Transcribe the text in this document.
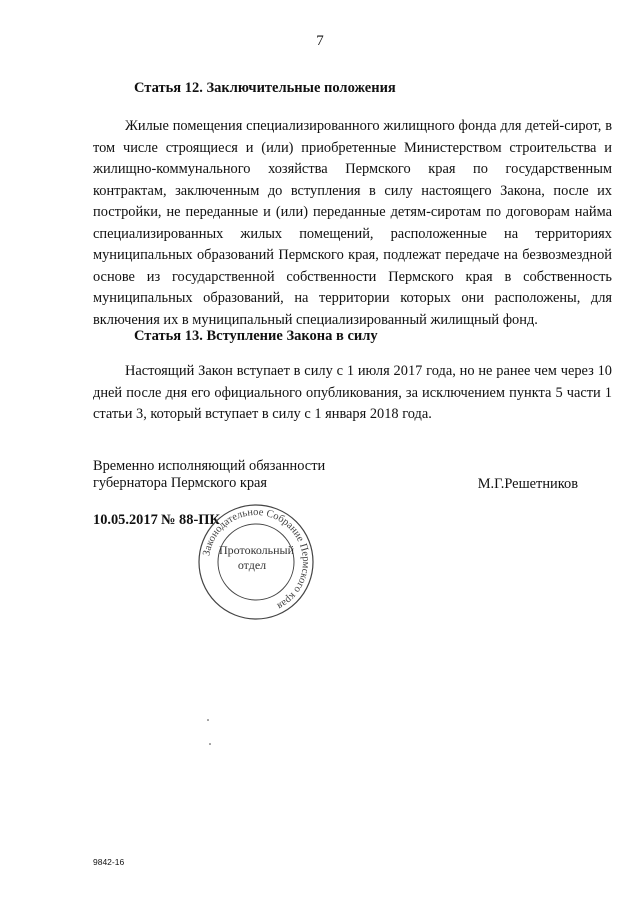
7
Статья 12. Заключительные положения
Жилые помещения специализированного жилищного фонда для детей-сирот, в том числе строящиеся и (или) приобретенные Министерством строительства и жилищно-коммунального хозяйства Пермского края по государственным контрактам, заключенным до вступления в силу настоящего Закона, после их постройки, не переданные и (или) переданные детям-сиротам по договорам найма специализированных жилых помещений, расположенные на территориях муниципальных образований Пермского края, подлежат передаче на безвозмездной основе из государственной собственности Пермского края в собственность муниципальных образований, на территории которых они расположены, для включения их в муниципальный специализированный жилищный фонд.
Статья 13. Вступление Закона в силу
Настоящий Закон вступает в силу с 1 июля 2017 года, но не ранее чем через 10 дней после дня его официального опубликования, за исключением пункта 5 части 1 статьи 3, который вступает в силу с 1 января 2018 года.
Временно исполняющий обязанности
губернатора Пермского края	М.Г.Решетников
10.05.2017 № 88-ПК
Законодательное Собрание Пермского края
Протокольный
отдел
9842-16
